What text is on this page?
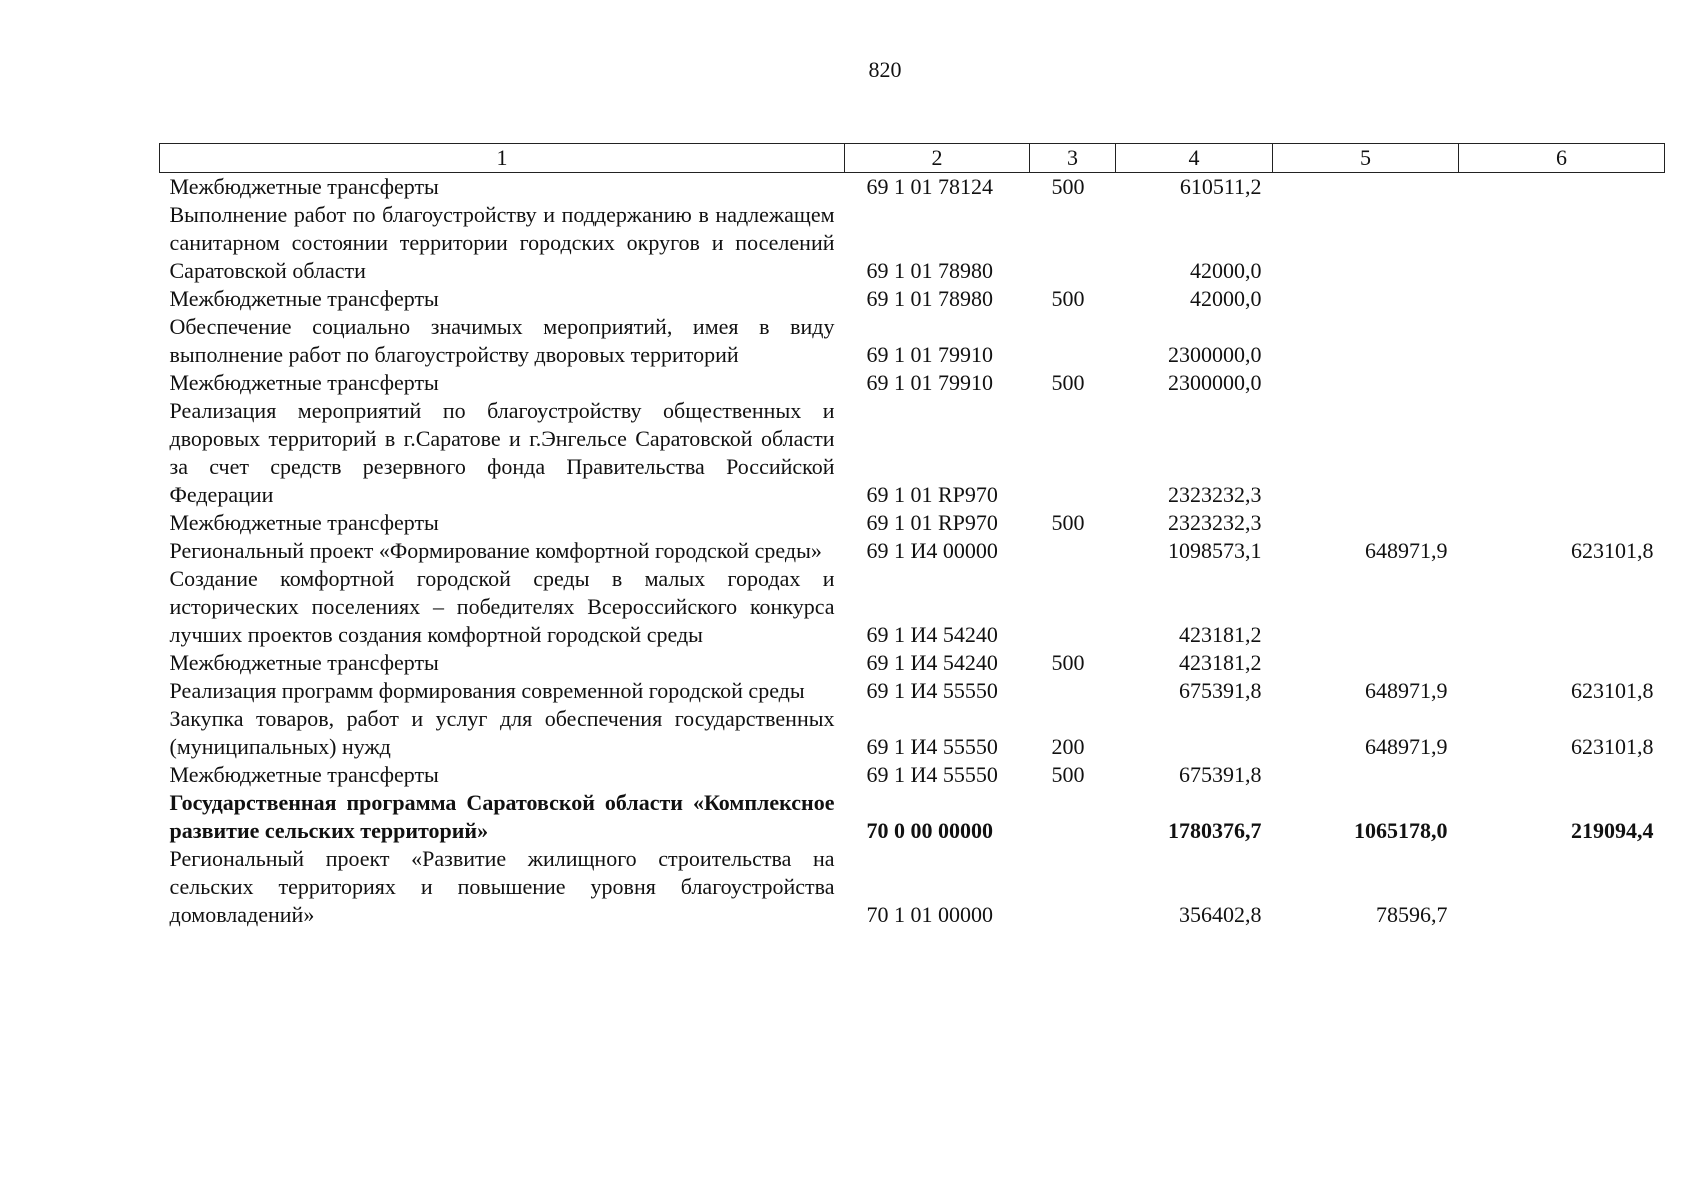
820
1	2	3	4	5	6
Межбюджетные трансферты	69 1 01 78124	500	610511,2		
Выполнение работ по благоустройству и поддержанию в надлежащем санитарном состоянии территории городских округов и поселений Саратовской области	69 1 01 78980		42000,0		
Межбюджетные трансферты	69 1 01 78980	500	42000,0		
Обеспечение социально значимых мероприятий, имея в виду выполнение работ по благоустройству дворовых территорий	69 1 01 79910		2300000,0		
Межбюджетные трансферты	69 1 01 79910	500	2300000,0		
Реализация мероприятий по благоустройству общественных и дворовых территорий в г.Саратове и г.Энгельсе Саратовской области за счет средств резервного фонда Правительства Российской Федерации	69 1 01 RP970		2323232,3		
Межбюджетные трансферты	69 1 01 RP970	500	2323232,3		
Региональный проект «Формирование комфортной городской среды»	69 1 И4 00000		1098573,1	648971,9	623101,8
Создание комфортной городской среды в малых городах и исторических поселениях – победителях Всероссийского конкурса лучших проектов создания комфортной городской среды	69 1 И4 54240		423181,2		
Межбюджетные трансферты	69 1 И4 54240	500	423181,2		
Реализация программ формирования современной городской среды	69 1 И4 55550		675391,8	648971,9	623101,8
Закупка товаров, работ и услуг для обеспечения государственных (муниципальных) нужд	69 1 И4 55550	200		648971,9	623101,8
Межбюджетные трансферты	69 1 И4 55550	500	675391,8		
Государственная программа Саратовской области «Комплексное развитие сельских территорий»	70 0 00 00000		1780376,7	1065178,0	219094,4
Региональный проект «Развитие жилищного строительства на сельских территориях и повышение уровня благоустройства домовладений»	70 1 01 00000		356402,8	78596,7	
